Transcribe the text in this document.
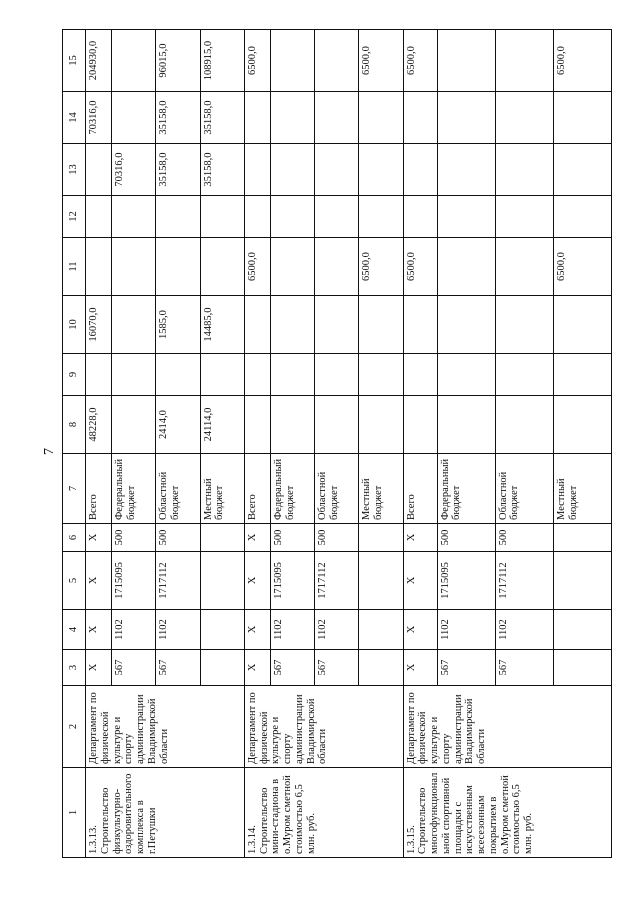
7
1	2	3	4	5	6	7	8	9	10	11	12	13	14	15

1.3.13. Строительство физкультурно-оздоровительного комплекса в г.Петушки	Департамент по физической культуре и спорту администрации Владимирской области	X	X	X	X	Всего	48228,0		16070,0				70316,0	204930,0
		567	1102	1715095	500	Федеральный бюджет						70316,0		
		567	1102	1717112	500	Областной бюджет	2414,0		1585,0			35158,0	35158,0	96015,0
						Местный бюджет	24114,0		14485,0			35158,0	35158,0	108915,0

1.3.14. Строительство мини-стадиона в о.Муром сметной стоимостью 6,5 млн. руб.	Департамент по физической культуре и спорту администрации Владимирской области	X	X	X	X	Всего				6500,0				6500,0
		567	1102	1715095	500	Федеральный бюджет								
		567	1102	1717112	500	Областной бюджет								
						Местный бюджет				6500,0				6500,0

1.3.15. Строительство многофункциональной спортивной площадки с искусственным всесезонным покрытием в о.Муром сметной стоимостью 6,5 млн. руб.	Департамент по физической культуре и спорту администрации Владимирской области	X	X	X	X	Всего				6500,0				6500,0
		567	1102	1715095	500	Федеральный бюджет								
		567	1102	1717112	500	Областной бюджет								
						Местный бюджет				6500,0				6500,0
